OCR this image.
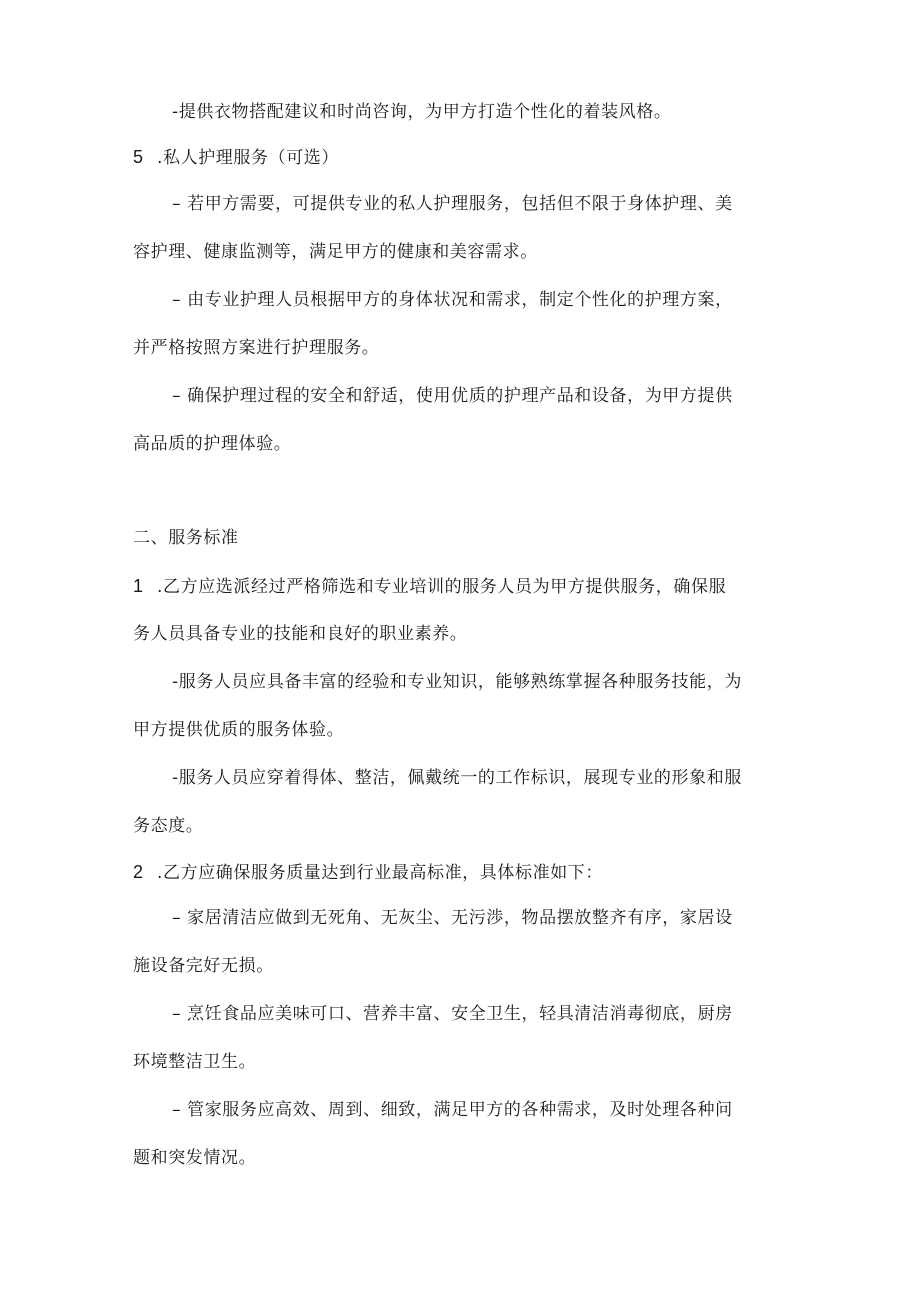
-提供衣物搭配建议和时尚咨询，为甲方打造个性化的着装风格。
5 .私人护理服务（可选）
– 若甲方需要，可提供专业的私人护理服务，包括但不限于身体护理、美
容护理、健康监测等，满足甲方的健康和美容需求。
– 由专业护理人员根据甲方的身体状况和需求，制定个性化的护理方案，
并严格按照方案进行护理服务。
– 确保护理过程的安全和舒适，使用优质的护理产品和设备，为甲方提供
高品质的护理体验。
二、服务标准
1 .乙方应选派经过严格筛选和专业培训的服务人员为甲方提供服务，确保服
务人员具备专业的技能和良好的职业素养。
-服务人员应具备丰富的经验和专业知识，能够熟练掌握各种服务技能，为
甲方提供优质的服务体验。
-服务人员应穿着得体、整洁，佩戴统一的工作标识，展现专业的形象和服
务态度。
2 .乙方应确保服务质量达到行业最高标准，具体标准如下：
– 家居清洁应做到无死角、无灰尘、无污渉，物品摆放整齐有序，家居设
施设备完好无损。
– 烹饪食品应美味可口、营养丰富、安全卫生，轻具清洁消毒彻底，厨房
环境整洁卫生。
– 管家服务应高效、周到、细致，满足甲方的各种需求，及时处理各种问
题和突发情况。
